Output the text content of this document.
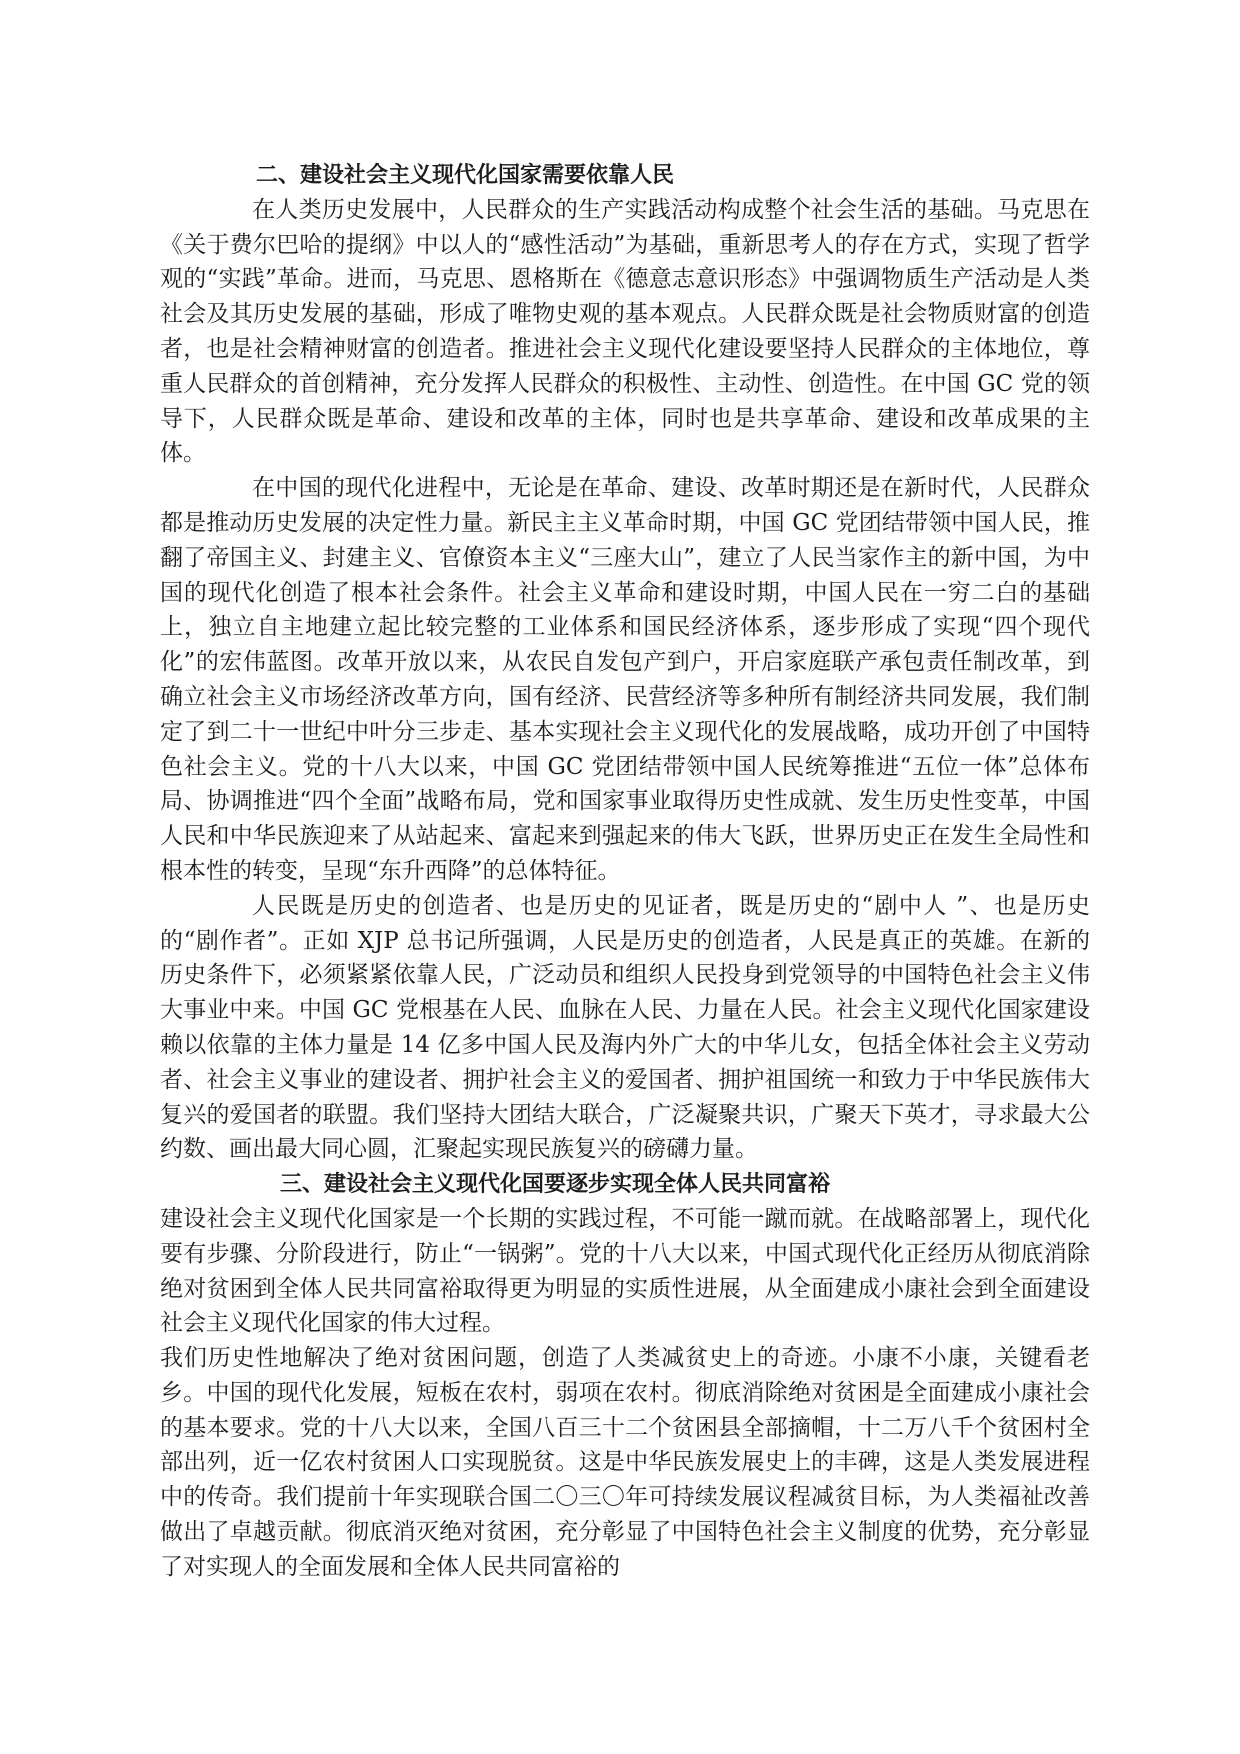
二、建设社会主义现代化国家需要依靠人民

在人类历史发展中，人民群众的生产实践活动构成整个社会生活的基础。马克思在《关于费尔巴哈的提纲》中以人的“感性活动”为基础，重新思考人的存在方式，实现了哲学观的“实践”革命。进而，马克思、恩格斯在《德意志意识形态》中强调物质生产活动是人类社会及其历史发展的基础，形成了唯物史观的基本观点。人民群众既是社会物质财富的创造者，也是社会精神财富的创造者。推进社会主义现代化建设要坚持人民群众的主体地位，尊重人民群众的首创精神，充分发挥人民群众的积极性、主动性、创造性。在中国 GC 党的领导下，人民群众既是革命、建设和改革的主体，同时也是共享革命、建设和改革成果的主体。

在中国的现代化进程中，无论是在革命、建设、改革时期还是在新时代，人民群众都是推动历史发展的决定性力量。新民主主义革命时期，中国 GC 党团结带领中国人民，推翻了帝国主义、封建主义、官僚资本主义“三座大山”，建立了人民当家作主的新中国，为中国的现代化创造了根本社会条件。社会主义革命和建设时期，中国人民在一穷二白的基础上，独立自主地建立起比较完整的工业体系和国民经济体系，逐步形成了实现“四个现代化”的宏伟蓝图。改革开放以来，从农民自发包产到户，开启家庭联产承包责任制改革，到确立社会主义市场经济改革方向，国有经济、民营经济等多种所有制经济共同发展，我们制定了到二十一世纪中叶分三步走、基本实现社会主义现代化的发展战略，成功开创了中国特色社会主义。党的十八大以来，中国 GC 党团结带领中国人民统筹推进“五位一体”总体布局、协调推进“四个全面”战略布局，党和国家事业取得历史性成就、发生历史性变革，中国人民和中华民族迎来了从站起来、富起来到强起来的伟大飞跃，世界历史正在发生全局性和根本性的转变，呈现“东升西降”的总体特征。

人民既是历史的创造者、也是历史的见证者，既是历史的“剧中人 ”、也是历史的“剧作者”。正如 XJP 总书记所强调，人民是历史的创造者，人民是真正的英雄。在新的历史条件下，必须紧紧依靠人民，广泛动员和组织人民投身到党领导的中国特色社会主义伟大事业中来。中国 GC 党根基在人民、血脉在人民、力量在人民。社会主义现代化国家建设赖以依靠的主体力量是 14 亿多中国人民及海内外广大的中华儿女，包括全体社会主义劳动者、社会主义事业的建设者、拥护社会主义的爱国者、拥护祖国统一和致力于中华民族伟大复兴的爱国者的联盟。我们坚持大团结大联合，广泛凝聚共识，广聚天下英才，寻求最大公约数、画出最大同心圆，汇聚起实现民族复兴的磅礴力量。

三、建设社会主义现代化国要逐步实现全体人民共同富裕

建设社会主义现代化国家是一个长期的实践过程，不可能一蹴而就。在战略部署上，现代化要有步骤、分阶段进行，防止“一锅粥”。党的十八大以来，中国式现代化正经历从彻底消除绝对贫困到全体人民共同富裕取得更为明显的实质性进展，从全面建成小康社会到全面建设社会主义现代化国家的伟大过程。

我们历史性地解决了绝对贫困问题，创造了人类减贫史上的奇迹。小康不小康，关键看老乡。中国的现代化发展，短板在农村，弱项在农村。彻底消除绝对贫困是全面建成小康社会的基本要求。党的十八大以来，全国八百三十二个贫困县全部摘帽，十二万八千个贫困村全部出列，近一亿农村贫困人口实现脱贫。这是中华民族发展史上的丰碑，这是人类发展进程中的传奇。我们提前十年实现联合国二〇三〇年可持续发展议程减贫目标，为人类福祉改善做出了卓越贡献。彻底消灭绝对贫困，充分彰显了中国特色社会主义制度的优势，充分彰显了对实现人的全面发展和全体人民共同富裕的
